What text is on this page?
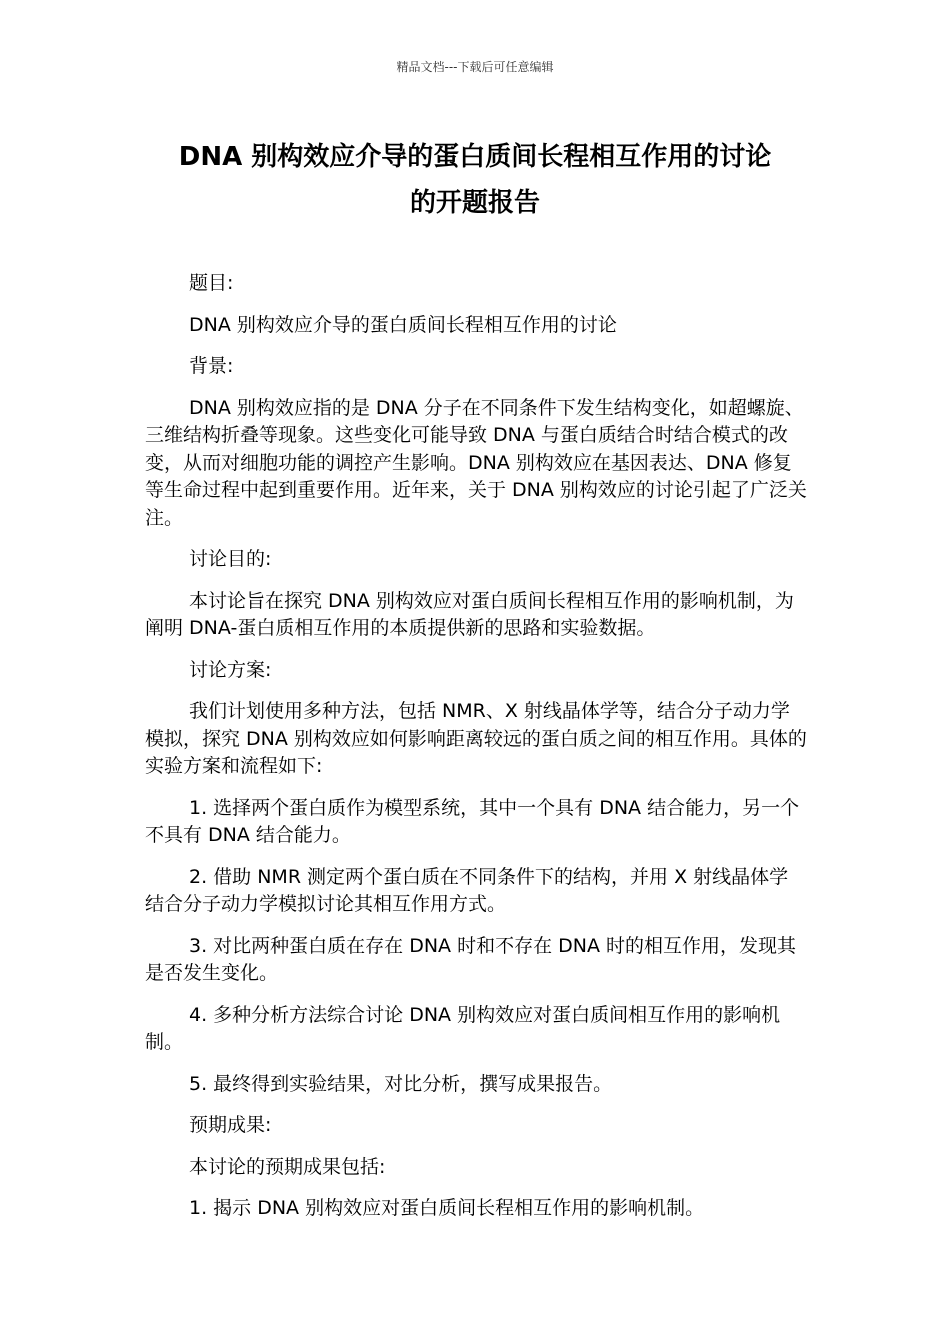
精品文档---下载后可任意编辑
DNA 别构效应介导的蛋白质间长程相互作用的讨论
的开题报告

题目:

DNA 别构效应介导的蛋白质间长程相互作用的讨论

背景:

DNA 别构效应指的是 DNA 分子在不同条件下发生结构变化，如超螺旋、三维结构折叠等现象。这些变化可能导致 DNA 与蛋白质结合时结合模式的改变，从而对细胞功能的调控产生影响。DNA 别构效应在基因表达、DNA 修复等生命过程中起到重要作用。近年来，关于 DNA 别构效应的讨论引起了广泛关注。

讨论目的:

本讨论旨在探究 DNA 别构效应对蛋白质间长程相互作用的影响机制，为阐明 DNA-蛋白质相互作用的本质提供新的思路和实验数据。

讨论方案:

我们计划使用多种方法，包括 NMR、X 射线晶体学等，结合分子动力学模拟，探究 DNA 别构效应如何影响距离较远的蛋白质之间的相互作用。具体的实验方案和流程如下:

1. 选择两个蛋白质作为模型系统，其中一个具有 DNA 结合能力，另一个不具有 DNA 结合能力。

2. 借助 NMR 测定两个蛋白质在不同条件下的结构，并用 X 射线晶体学结合分子动力学模拟讨论其相互作用方式。

3. 对比两种蛋白质在存在 DNA 时和不存在 DNA 时的相互作用，发现其是否发生变化。

4. 多种分析方法综合讨论 DNA 别构效应对蛋白质间相互作用的影响机制。

5. 最终得到实验结果，对比分析，撰写成果报告。

预期成果:

本讨论的预期成果包括:

1. 揭示 DNA 别构效应对蛋白质间长程相互作用的影响机制。
